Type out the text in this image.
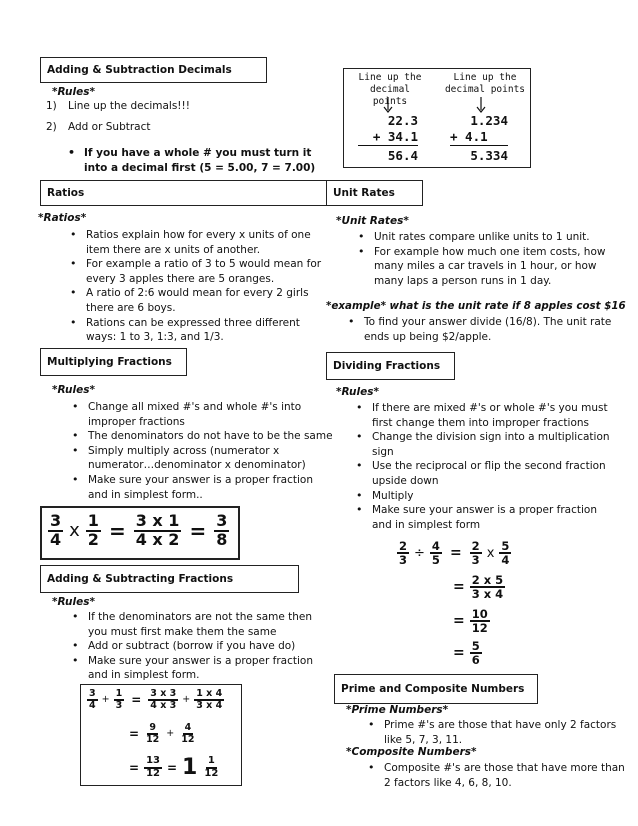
Adding & Subtraction Decimals
*Rules*
1) Line up the decimals!!!
2) Add or Subtract
• If you have a whole # you must turn it
into a decimal first (5 = 5.00, 7 = 7.00)
Line up the
decimal points
Line up the
decimal points
22.3
+ 34.1
56.4
1.234
+ 4.1
5.334
Ratios
*Ratios*
• Ratios explain how for every x units of one
item there are x units of another.
• For example a ratio of 3 to 5 would mean for
every 3 apples there are 5 oranges.
• A ratio of 2:6 would mean for every 2 girls
there are 6 boys.
• Rations can be expressed three different
ways: 1 to 3, 1:3, and 1/3.
Unit Rates
*Unit Rates*
• Unit rates compare unlike units to 1 unit.
• For example how much one item costs, how
many miles a car travels in 1 hour, or how
many laps a person runs in 1 day.
*example* what is the unit rate if 8 apples cost $16
• To find your answer divide (16/8). The unit rate
ends up being $2/apple.
Multiplying Fractions
*Rules*
• Change all mixed #'s and whole #'s into
improper fractions
• The denominators do not have to be the same
• Simply multiply across (numerator x
numerator…denominator x denominator)
• Make sure your answer is a proper fraction
and in simplest form..
$\frac{3}{4}$ x $\frac{1}{2} = \frac{3 x 1}{4 x 2} = \frac{3}{8}$
Dividing Fractions
*Rules*
• If there are mixed #'s or whole #'s you must
first change them into improper fractions
• Change the division sign into a multiplication
sign
• Use the reciprocal or flip the second fraction
upside down
• Multiply
• Make sure your answer is a proper fraction
and in simplest form
$\frac{2}{3} \div \frac{4}{5} = \frac{2}{3}$ x $\frac{5}{4}$
= $\frac{2 x 5}{3 x 4}$
= $\frac{10}{12}$
= $\frac{5}{6}$
Adding & Subtracting Fractions
*Rules*
• If the denominators are not the same then
you must first make them the same
• Add or subtract (borrow if you have do)
• Make sure your answer is a proper fraction
and in simplest form.
$\frac{3}{4} + \frac{1}{3} = \frac{3 x 3}{4 x 3} + \frac{1 x 4}{3 x 4}$
= $\frac{9}{12} + \frac{4}{12}$
= $\frac{13}{12} = 1 \frac{1}{12}$
Prime and Composite Numbers
*Prime Numbers*
• Prime #'s are those that have only 2 factors
like 5, 7, 3, 11.
*Composite Numbers*
• Composite #'s are those that have more than
2 factors like 4, 6, 8, 10.
